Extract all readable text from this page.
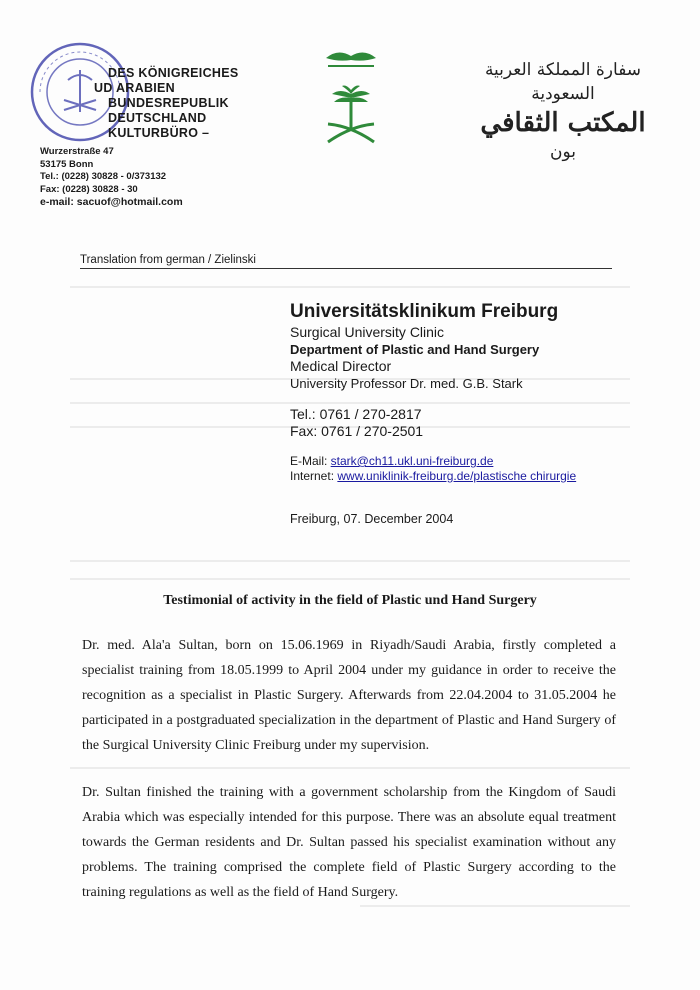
DES KÖNIGREICHES
UD ARABIEN
BUNDESREPUBLIK
DEUTSCHLAND
KULTURBÜRO –
Wurzerstraße 47
53175 Bonn
Tel.: (0228) 30828 - 0/373132
Fax: (0228) 30828 - 30
e-mail: sacuof@hotmail.com
سفارة المملكة العربية السعودية
المكتب الثقافي
بون
Translation from german / Zielinski
Universitätsklinikum Freiburg
Surgical University Clinic
Department of Plastic and Hand Surgery
Medical Director
University Professor Dr. med. G.B. Stark
Tel.: 0761 / 270-2817
Fax: 0761 / 270-2501
E-Mail: stark@ch11.ukl.uni-freiburg.de
Internet: www.uniklinik-freiburg.de/plastische chirurgie
Freiburg, 07. December 2004
Testimonial of activity in the field of Plastic und Hand Surgery
Dr. med. Ala'a Sultan, born on 15.06.1969 in Riyadh/Saudi Arabia, firstly completed a specialist training from 18.05.1999 to April 2004 under my guidance in order to receive the recognition as a specialist in Plastic Surgery. Afterwards from 22.04.2004 to 31.05.2004 he participated in a postgraduated specialization in the department of Plastic and Hand Surgery of the Surgical University Clinic Freiburg under my supervision.
Dr. Sultan finished the training with a government scholarship from the Kingdom of Saudi Arabia which was especially intended for this purpose. There was an absolute equal treatment towards the German residents and Dr. Sultan passed his specialist examination without any problems. The training comprised the complete field of Plastic Surgery according to the training regulations as well as the field of Hand Surgery.
